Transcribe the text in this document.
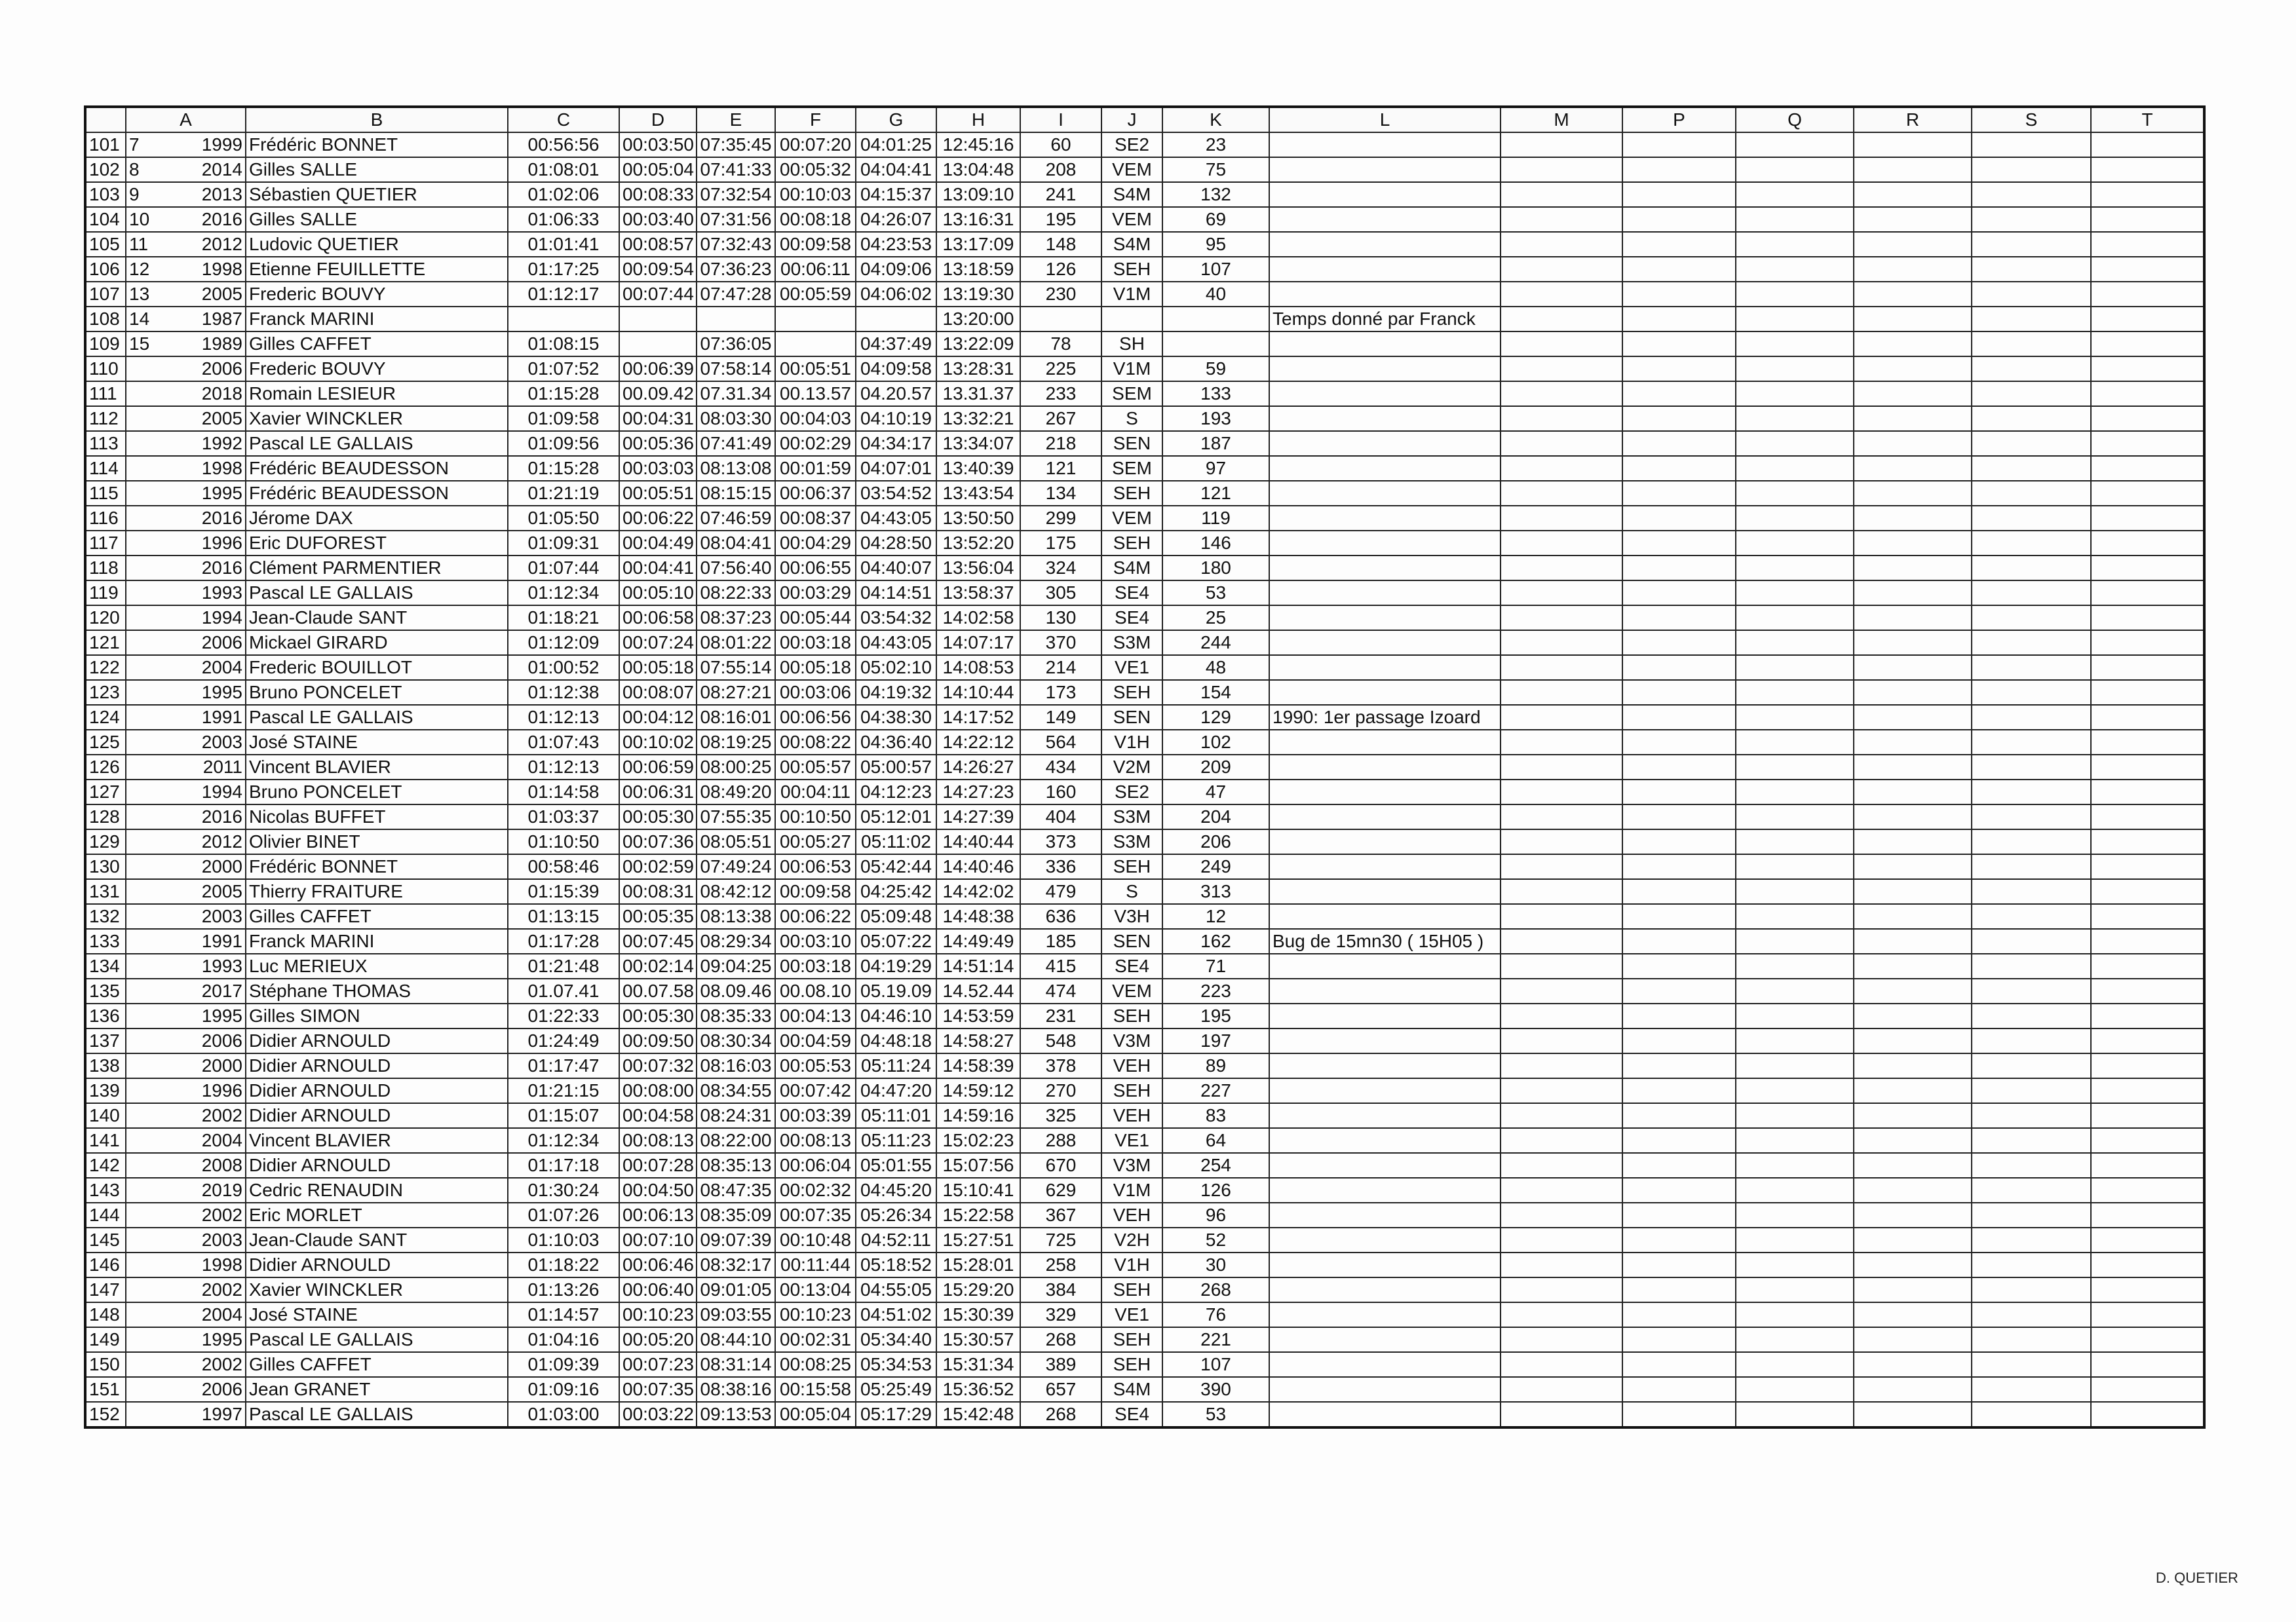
	A		B	C	D	E	F	G	H	I	J	K	L	M	P	Q	R	S	T
101	7	1999	Frédéric BONNET	00:56:56	00:03:50	07:35:45	00:07:20	04:01:25	12:45:16	60	SE2	23							
102	8	2014	Gilles SALLE	01:08:01	00:05:04	07:41:33	00:05:32	04:04:41	13:04:48	208	VEM	75							
103	9	2013	Sébastien QUETIER	01:02:06	00:08:33	07:32:54	00:10:03	04:15:37	13:09:10	241	S4M	132							
104	10	2016	Gilles SALLE	01:06:33	00:03:40	07:31:56	00:08:18	04:26:07	13:16:31	195	VEM	69							
105	11	2012	Ludovic QUETIER	01:01:41	00:08:57	07:32:43	00:09:58	04:23:53	13:17:09	148	S4M	95							
106	12	1998	Etienne FEUILLETTE	01:17:25	00:09:54	07:36:23	00:06:11	04:09:06	13:18:59	126	SEH	107							
107	13	2005	Frederic BOUVY	01:12:17	00:07:44	07:47:28	00:05:59	04:06:02	13:19:30	230	V1M	40							
108	14	1987	Franck MARINI						13:20:00				Temps donné par Franck						
109	15	1989	Gilles CAFFET	01:08:15		07:36:05		04:37:49	13:22:09	78	SH								
110		2006	Frederic BOUVY	01:07:52	00:06:39	07:58:14	00:05:51	04:09:58	13:28:31	225	V1M	59							
111		2018	Romain LESIEUR	01:15:28	00.09.42	07.31.34	00.13.57	04.20.57	13.31.37	233	SEM	133							
112		2005	Xavier WINCKLER	01:09:58	00:04:31	08:03:30	00:04:03	04:10:19	13:32:21	267	S	193							
113		1992	Pascal LE GALLAIS	01:09:56	00:05:36	07:41:49	00:02:29	04:34:17	13:34:07	218	SEN	187							
114		1998	Frédéric BEAUDESSON	01:15:28	00:03:03	08:13:08	00:01:59	04:07:01	13:40:39	121	SEM	97							
115		1995	Frédéric BEAUDESSON	01:21:19	00:05:51	08:15:15	00:06:37	03:54:52	13:43:54	134	SEH	121							
116		2016	Jérome DAX	01:05:50	00:06:22	07:46:59	00:08:37	04:43:05	13:50:50	299	VEM	119							
117		1996	Eric DUFOREST	01:09:31	00:04:49	08:04:41	00:04:29	04:28:50	13:52:20	175	SEH	146							
118		2016	Clément PARMENTIER	01:07:44	00:04:41	07:56:40	00:06:55	04:40:07	13:56:04	324	S4M	180							
119		1993	Pascal LE GALLAIS	01:12:34	00:05:10	08:22:33	00:03:29	04:14:51	13:58:37	305	SE4	53							
120		1994	Jean-Claude SANT	01:18:21	00:06:58	08:37:23	00:05:44	03:54:32	14:02:58	130	SE4	25							
121		2006	Mickael GIRARD	01:12:09	00:07:24	08:01:22	00:03:18	04:43:05	14:07:17	370	S3M	244							
122		2004	Frederic BOUILLOT	01:00:52	00:05:18	07:55:14	00:05:18	05:02:10	14:08:53	214	VE1	48							
123		1995	Bruno PONCELET	01:12:38	00:08:07	08:27:21	00:03:06	04:19:32	14:10:44	173	SEH	154							
124		1991	Pascal LE GALLAIS	01:12:13	00:04:12	08:16:01	00:06:56	04:38:30	14:17:52	149	SEN	129	1990: 1er passage Izoard						
125		2003	José STAINE	01:07:43	00:10:02	08:19:25	00:08:22	04:36:40	14:22:12	564	V1H	102							
126		2011	Vincent BLAVIER	01:12:13	00:06:59	08:00:25	00:05:57	05:00:57	14:26:27	434	V2M	209							
127		1994	Bruno PONCELET	01:14:58	00:06:31	08:49:20	00:04:11	04:12:23	14:27:23	160	SE2	47							
128		2016	Nicolas BUFFET	01:03:37	00:05:30	07:55:35	00:10:50	05:12:01	14:27:39	404	S3M	204							
129		2012	Olivier BINET	01:10:50	00:07:36	08:05:51	00:05:27	05:11:02	14:40:44	373	S3M	206							
130		2000	Frédéric BONNET	00:58:46	00:02:59	07:49:24	00:06:53	05:42:44	14:40:46	336	SEH	249							
131		2005	Thierry FRAITURE	01:15:39	00:08:31	08:42:12	00:09:58	04:25:42	14:42:02	479	S	313							
132		2003	Gilles CAFFET	01:13:15	00:05:35	08:13:38	00:06:22	05:09:48	14:48:38	636	V3H	12							
133		1991	Franck MARINI	01:17:28	00:07:45	08:29:34	00:03:10	05:07:22	14:49:49	185	SEN	162	Bug de 15mn30 ( 15H05 )						
134		1993	Luc MERIEUX	01:21:48	00:02:14	09:04:25	00:03:18	04:19:29	14:51:14	415	SE4	71							
135		2017	Stéphane THOMAS	01.07.41	00.07.58	08.09.46	00.08.10	05.19.09	14.52.44	474	VEM	223							
136		1995	Gilles SIMON	01:22:33	00:05:30	08:35:33	00:04:13	04:46:10	14:53:59	231	SEH	195							
137		2006	Didier ARNOULD	01:24:49	00:09:50	08:30:34	00:04:59	04:48:18	14:58:27	548	V3M	197							
138		2000	Didier ARNOULD	01:17:47	00:07:32	08:16:03	00:05:53	05:11:24	14:58:39	378	VEH	89							
139		1996	Didier ARNOULD	01:21:15	00:08:00	08:34:55	00:07:42	04:47:20	14:59:12	270	SEH	227							
140		2002	Didier ARNOULD	01:15:07	00:04:58	08:24:31	00:03:39	05:11:01	14:59:16	325	VEH	83							
141		2004	Vincent BLAVIER	01:12:34	00:08:13	08:22:00	00:08:13	05:11:23	15:02:23	288	VE1	64							
142		2008	Didier ARNOULD	01:17:18	00:07:28	08:35:13	00:06:04	05:01:55	15:07:56	670	V3M	254							
143		2019	Cedric RENAUDIN	01:30:24	00:04:50	08:47:35	00:02:32	04:45:20	15:10:41	629	V1M	126							
144		2002	Eric MORLET	01:07:26	00:06:13	08:35:09	00:07:35	05:26:34	15:22:58	367	VEH	96							
145		2003	Jean-Claude SANT	01:10:03	00:07:10	09:07:39	00:10:48	04:52:11	15:27:51	725	V2H	52							
146		1998	Didier ARNOULD	01:18:22	00:06:46	08:32:17	00:11:44	05:18:52	15:28:01	258	V1H	30							
147		2002	Xavier WINCKLER	01:13:26	00:06:40	09:01:05	00:13:04	04:55:05	15:29:20	384	SEH	268							
148		2004	José STAINE	01:14:57	00:10:23	09:03:55	00:10:23	04:51:02	15:30:39	329	VE1	76							
149		1995	Pascal LE GALLAIS	01:04:16	00:05:20	08:44:10	00:02:31	05:34:40	15:30:57	268	SEH	221							
150		2002	Gilles CAFFET	01:09:39	00:07:23	08:31:14	00:08:25	05:34:53	15:31:34	389	SEH	107							
151		2006	Jean GRANET	01:09:16	00:07:35	08:38:16	00:15:58	05:25:49	15:36:52	657	S4M	390							
152		1997	Pascal LE GALLAIS	01:03:00	00:03:22	09:13:53	00:05:04	05:17:29	15:42:48	268	SE4	53							
D. QUETIER
